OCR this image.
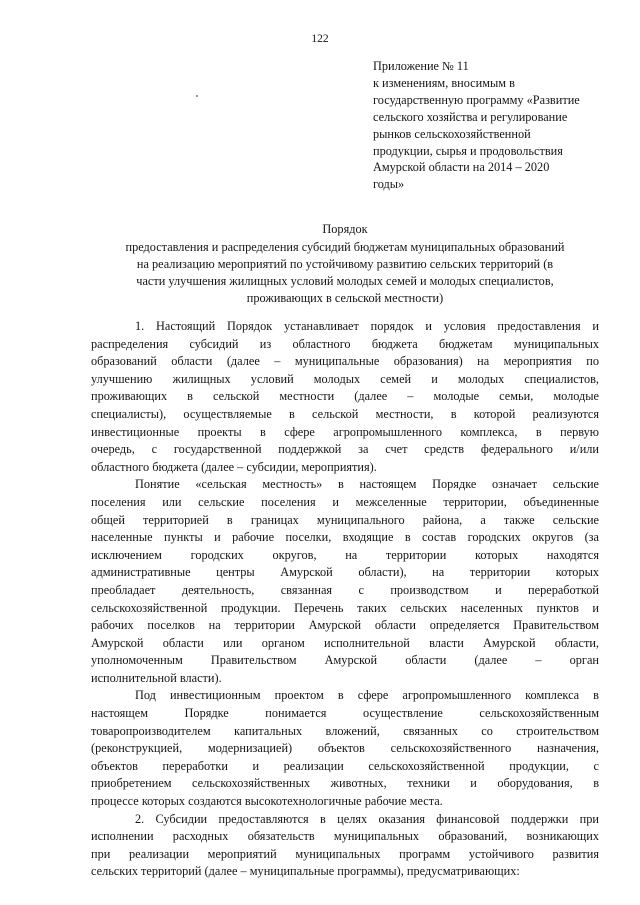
122
Приложение № 11
к изменениям, вносимым в
государственную программу «Развитие
сельского хозяйства и регулирование
рынков сельскохозяйственной
продукции, сырья и продовольствия
Амурской области на 2014 – 2020
годы»
Порядок
предоставления и распределения субсидий бюджетам муниципальных образований
на реализацию мероприятий по устойчивому развитию сельских территорий (в
части улучшения жилищных условий молодых семей и молодых специалистов,
проживающих в сельской местности)
1. Настоящий Порядок устанавливает порядок и условия предоставления и
распределения субсидий из областного бюджета бюджетам муниципальных
образований области (далее – муниципальные образования) на мероприятия по
улучшению жилищных условий молодых семей и молодых специалистов,
проживающих в сельской местности (далее – молодые семьи, молодые
специалисты), осуществляемые в сельской местности, в которой реализуются
инвестиционные проекты в сфере агропромышленного комплекса, в первую
очередь, с государственной поддержкой за счет средств федерального и/или
областного бюджета (далее – субсидии, мероприятия).
Понятие «сельская местность» в настоящем Порядке означает сельские
поселения или сельские поселения и межселенные территории, объединенные
общей территорией в границах муниципального района, а также сельские
населенные пункты и рабочие поселки, входящие в состав городских округов (за
исключением городских округов, на территории которых находятся
административные центры Амурской области), на территории которых
преобладает деятельность, связанная с производством и переработкой
сельскохозяйственной продукции. Перечень таких сельских населенных пунктов и
рабочих поселков на территории Амурской области определяется Правительством
Амурской области или органом исполнительной власти Амурской области,
уполномоченным Правительством Амурской области (далее – орган
исполнительной власти).
Под инвестиционным проектом в сфере агропромышленного комплекса в
настоящем Порядке понимается осуществление сельскохозяйственным
товаропроизводителем капитальных вложений, связанных со строительством
(реконструкцией, модернизацией) объектов сельскохозяйственного назначения,
объектов переработки и реализации сельскохозяйственной продукции, с
приобретением сельскохозяйственных животных, техники и оборудования, в
процессе которых создаются высокотехнологичные рабочие места.
2. Субсидии предоставляются в целях оказания финансовой поддержки при
исполнении расходных обязательств муниципальных образований, возникающих
при реализации мероприятий муниципальных программ устойчивого развития
сельских территорий (далее – муниципальные программы), предусматривающих:
